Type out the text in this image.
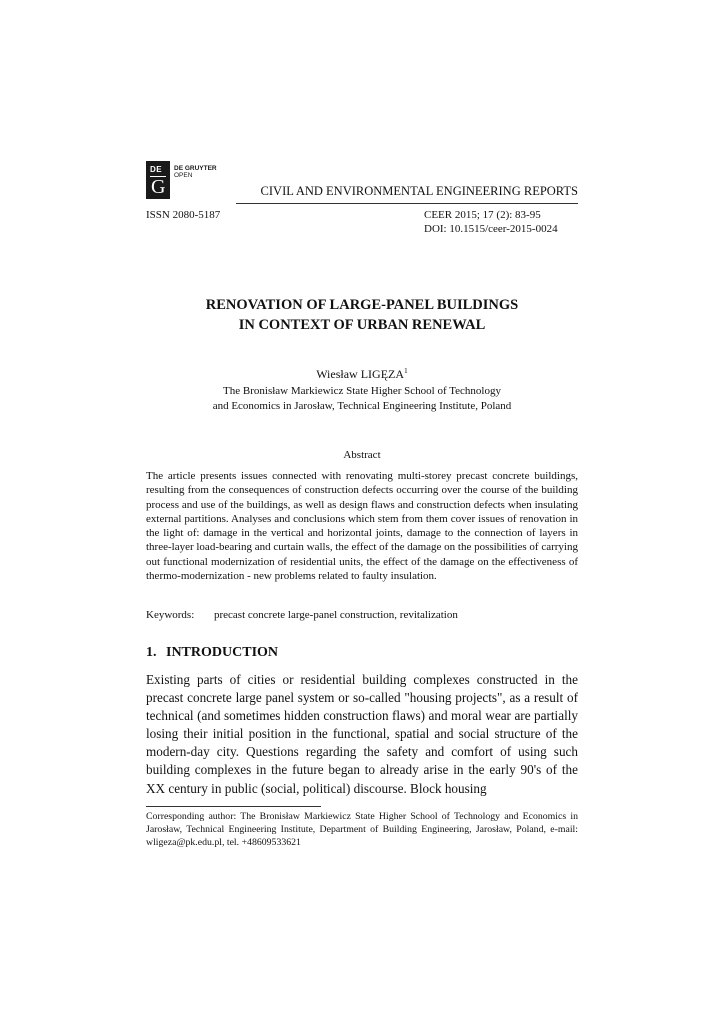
DE
G
DE GRUYTER
OPEN
CIVIL AND ENVIRONMENTAL ENGINEERING REPORTS
ISSN 2080-5187	CEER 2015; 17 (2): 83-95
DOI: 10.1515/ceer-2015-0024
RENOVATION OF LARGE-PANEL BUILDINGS
IN CONTEXT OF URBAN RENEWAL
Wiesław LIGĘZA$^1$
The Bronisław Markiewicz State Higher School of Technology
and Economics in Jarosław, Technical Engineering Institute, Poland
Abstract

The article presents issues connected with renovating multi-storey precast concrete buildings, resulting from the consequences of construction defects occurring over the course of the building process and use of the buildings, as well as design flaws and construction defects when insulating external partitions. Analyses and conclusions which stem from them cover issues of renovation in the light of: damage in the vertical and horizontal joints, damage to the connection of layers in three-layer load-bearing and curtain walls, the effect of the damage on the possibilities of carrying out functional modernization of residential units, the effect of the damage on the effectiveness of thermo-modernization - new problems related to faulty insulation.

Keywords: precast concrete large-panel construction, revitalization
1. INTRODUCTION

Existing parts of cities or residential building complexes constructed in the precast concrete large panel system or so-called "housing projects", as a result of technical (and sometimes hidden construction flaws) and moral wear are partially losing their initial position in the functional, spatial and social structure of the modern-day city. Questions regarding the safety and comfort of using such building complexes in the future began to already arise in the early 90's of the XX century in public (social, political) discourse. Block housing

Corresponding author: The Bronisław Markiewicz State Higher School of Technology and Economics in Jarosław, Technical Engineering Institute, Department of Building Engineering, Jarosław, Poland, e-mail: wligeza@pk.edu.pl, tel. +48609533621
